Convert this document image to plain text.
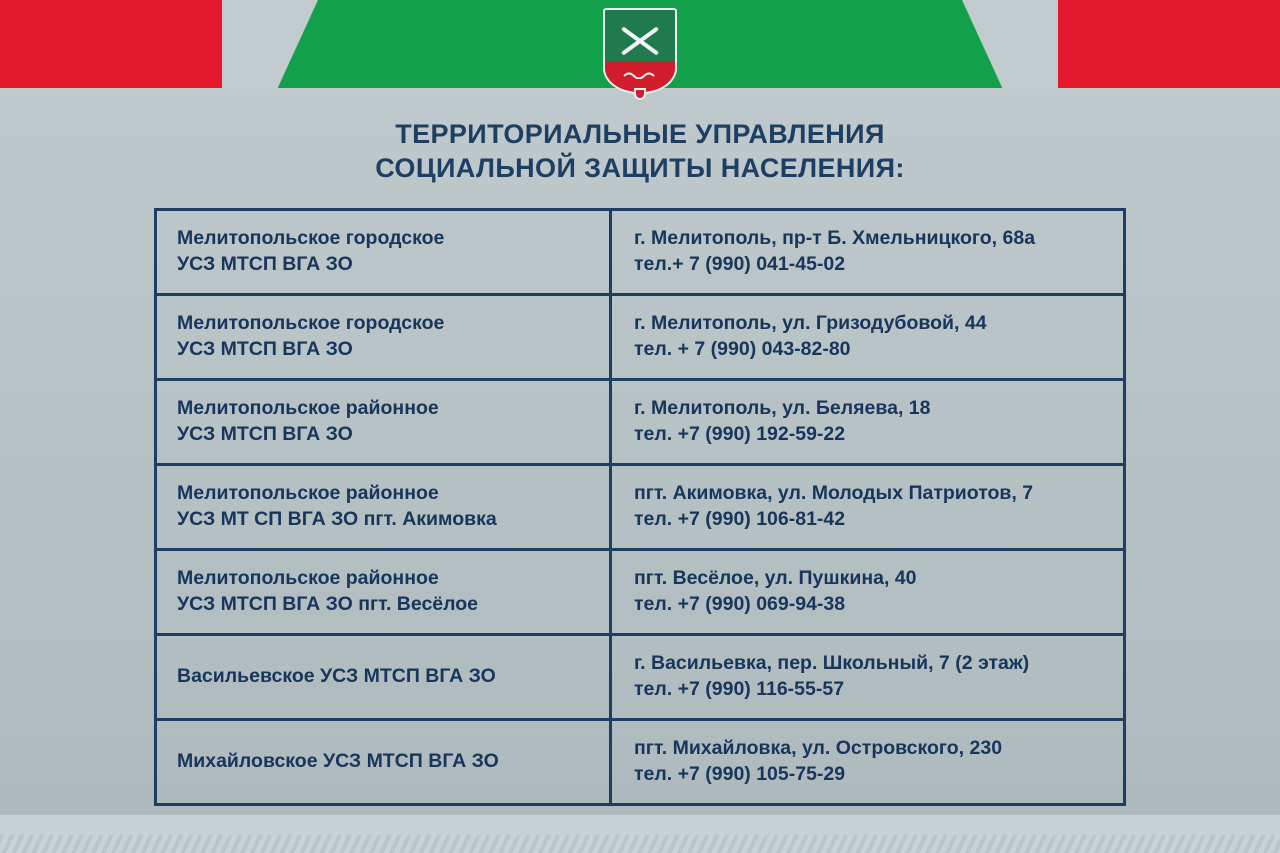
ТЕРРИТОРИАЛЬНЫЕ УПРАВЛЕНИЯ
СОЦИАЛЬНОЙ ЗАЩИТЫ НАСЕЛЕНИЯ:
Мелитопольское городское
УСЗ МТСП ВГА ЗО
г. Мелитополь, пр-т Б. Хмельницкого, 68а
тел.+ 7 (990) 041-45-02
Мелитопольское городское
УСЗ МТСП ВГА ЗО
г. Мелитополь, ул. Гризодубовой, 44
тел. + 7 (990) 043-82-80
Мелитопольское районное
УСЗ МТСП ВГА ЗО
г. Мелитополь, ул. Беляева, 18
тел. +7 (990) 192-59-22
Мелитопольское районное
УСЗ МТ СП ВГА ЗО пгт. Акимовка
пгт. Акимовка, ул. Молодых Патриотов, 7
тел. +7 (990) 106-81-42
Мелитопольское районное
УСЗ МТСП ВГА ЗО пгт. Весёлое
пгт. Весёлое, ул. Пушкина, 40
тел. +7 (990) 069-94-38
Васильевское УСЗ МТСП ВГА ЗО
г. Васильевка, пер. Школьный, 7 (2 этаж)
тел. +7 (990) 116-55-57
Михайловское УСЗ МТСП ВГА ЗО
пгт. Михайловка, ул. Островского, 230
тел. +7 (990) 105-75-29
